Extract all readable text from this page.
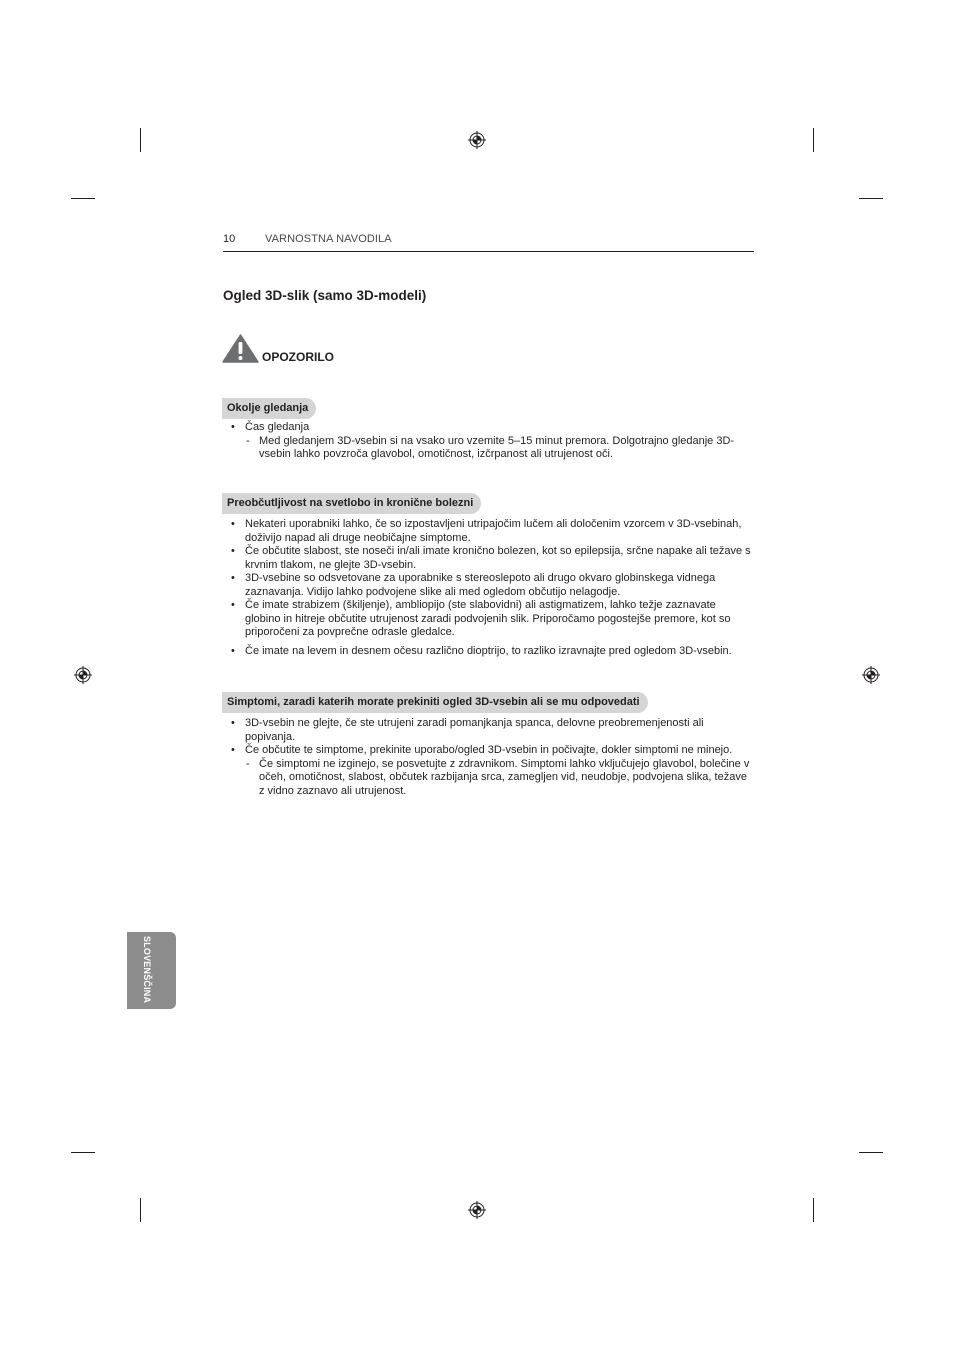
10	VARNOSTNA NAVODILA
Ogled 3D-slik (samo 3D-modeli)
OPOZORILO
Okolje gledanja
• Čas gledanja
- Med gledanjem 3D-vsebin si na vsako uro vzemite 5–15 minut premora. Dolgotrajno gledanje 3D-vsebin lahko povzroča glavobol, omotičnost, izčrpanost ali utrujenost oči.
Preobčutljivost na svetlobo in kronične bolezni
• Nekateri uporabniki lahko, če so izpostavljeni utripajočim lučem ali določenim vzorcem v 3D-vsebinah, doživijo napad ali druge neobičajne simptome.
• Če občutite slabost, ste noseči in/ali imate kronično bolezen, kot so epilepsija, srčne napake ali težave s krvnim tlakom, ne glejte 3D-vsebin.
• 3D-vsebine so odsvetovane za uporabnike s stereoslepoto ali drugo okvaro globinskega vidnega zaznavanja. Vidijo lahko podvojene slike ali med ogledom občutijo nelagodje.
• Če imate strabizem (škiljenje), ambliopijo (ste slabovidni) ali astigmatizem, lahko težje zaznavate globino in hitreje občutite utrujenost zaradi podvojenih slik. Priporočamo pogostejše premore, kot so priporočeni za povprečne odrasle gledalce.
• Če imate na levem in desnem očesu različno dioptrijo, to razliko izravnajte pred ogledom 3D-vsebin.
Simptomi, zaradi katerih morate prekiniti ogled 3D-vsebin ali se mu odpovedati
• 3D-vsebin ne glejte, če ste utrujeni zaradi pomanjkanja spanca, delovne preobremenjenosti ali popivanja.
• Če občutite te simptome, prekinite uporabo/ogled 3D-vsebin in počivajte, dokler simptomi ne minejo.
- Če simptomi ne izginejo, se posvetujte z zdravnikom. Simptomi lahko vključujejo glavobol, bolečine v očeh, omotičnost, slabost, občutek razbijanja srca, zamegljen vid, neudobje, podvojena slika, težave z vidno zaznavo ali utrujenost.
SLOVENŠČINA
